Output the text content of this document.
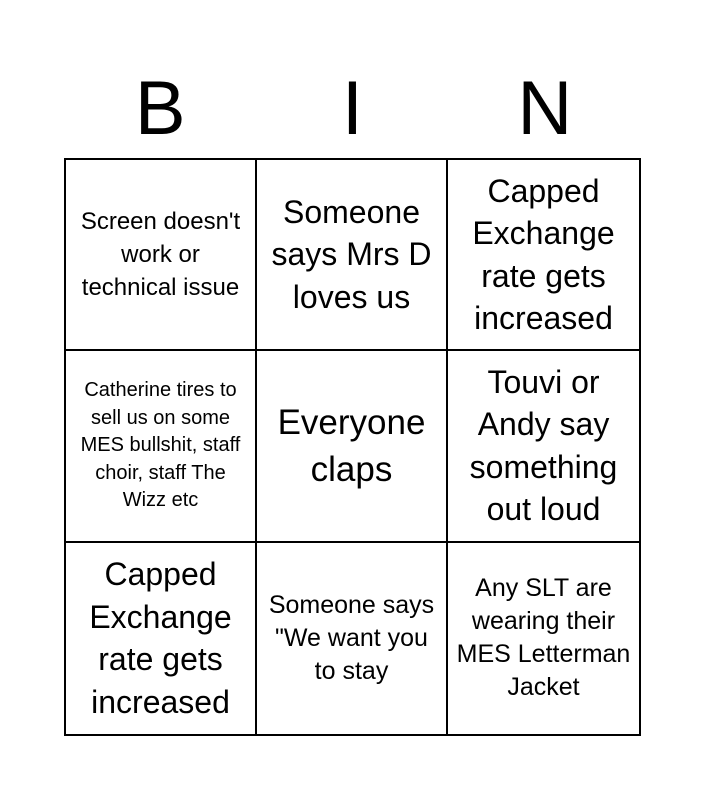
B	I	N
Screen doesn't work or technical issue
Someone says Mrs D loves us
Capped Exchange rate gets increased
Catherine tires to sell us on some MES bullshit, staff choir, staff The Wizz etc
Everyone claps
Touvi or Andy say something out loud
Capped Exchange rate gets increased
Someone says "We want you to stay
Any SLT are wearing their MES Letterman Jacket
